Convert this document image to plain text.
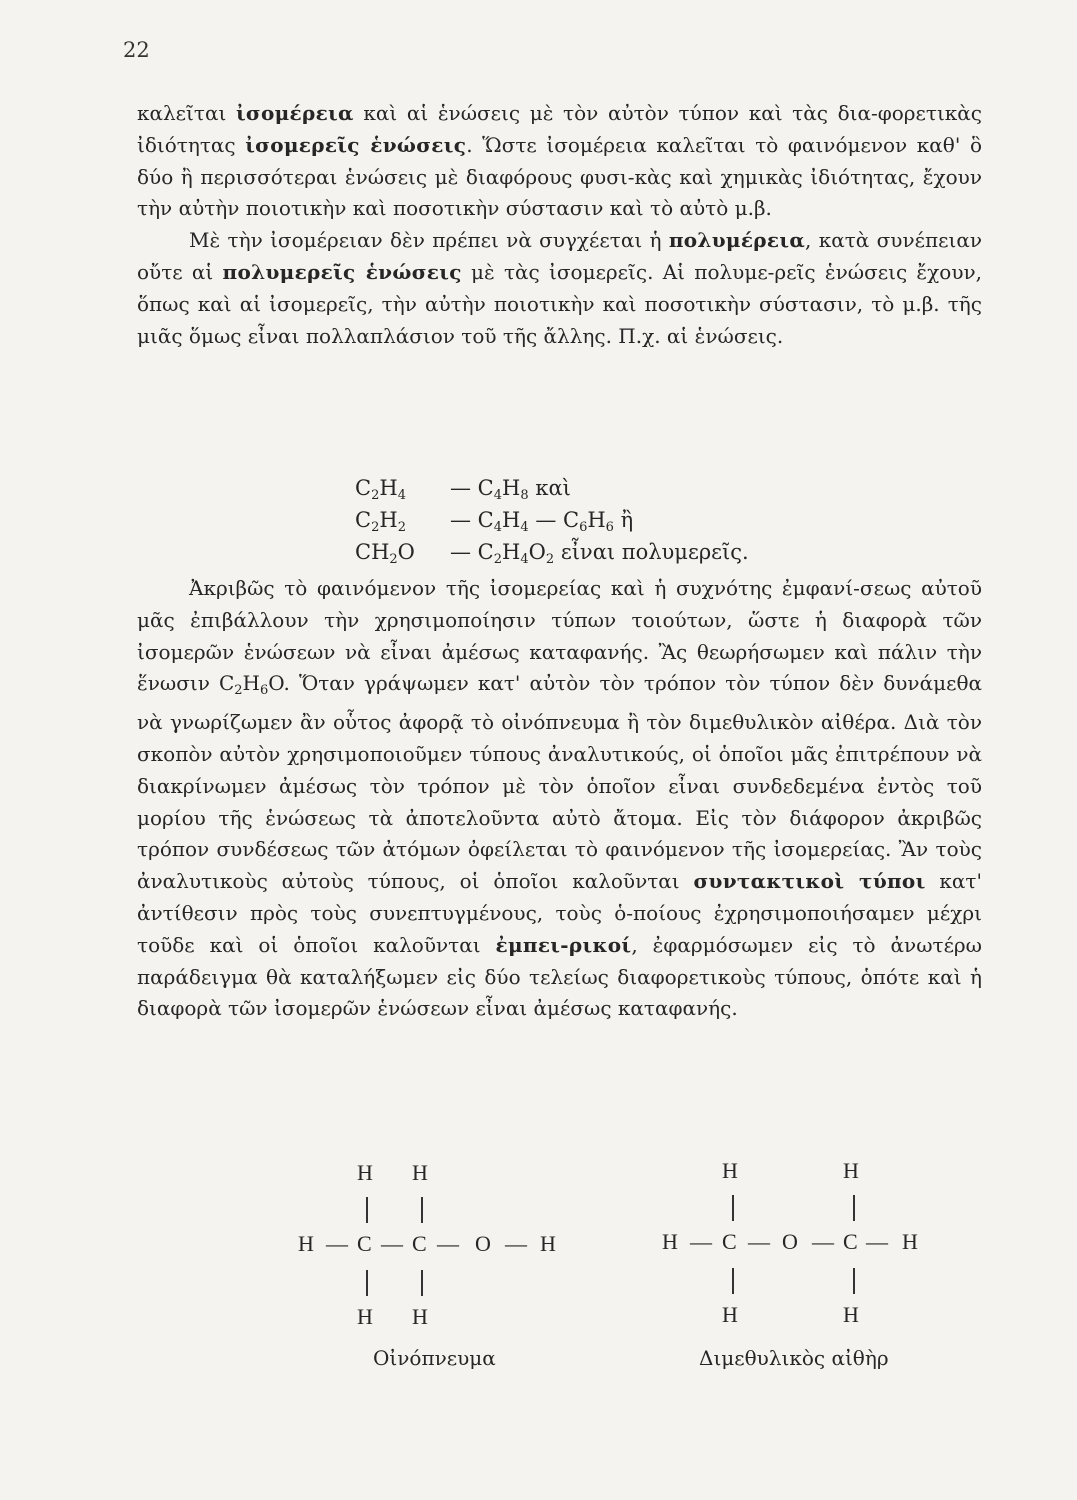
22

καλεῖται ἰσομέρεια καὶ αἱ ἑνώσεις μὲ τὸν αὐτὸν τύπον καὶ τὰς δια-φορετικὰς ἰδιότητας ἰσομερεῖς ἑνώσεις. Ὥστε ἰσομέρεια καλεῖται τὸ φαινόμενον καθ' ὃ δύο ἢ περισσότεραι ἑνώσεις μὲ διαφόρους φυσι-κὰς καὶ χημικὰς ἰδιότητας, ἔχουν τὴν αὐτὴν ποιοτικὴν καὶ ποσοτικὴν σύστασιν καὶ τὸ αὐτὸ μ.β.

Μὲ τὴν ἰσομέρειαν δὲν πρέπει νὰ συγχέεται ἡ πολυμέρεια, κατὰ συνέπειαν οὔτε αἱ πολυμερεῖς ἑνώσεις μὲ τὰς ἰσομερεῖς. Αἱ πολυμε-ρεῖς ἑνώσεις ἔχουν, ὅπως καὶ αἱ ἰσομερεῖς, τὴν αὐτὴν ποιοτικὴν καὶ ποσοτικὴν σύστασιν, τὸ μ.β. τῆς μιᾶς ὅμως εἶναι πολλαπλάσιον τοῦ τῆς ἄλλης. Π.χ. αἱ ἑνώσεις.

$C_2H_4$ — $C_4H_8$ καὶ
$C_2H_2$ — $C_4H_4$ — $C_6H_6$ ἢ
$CH_2O$ — $C_2H_4O_2$ εἶναι πολυμερεῖς.

Ἀκριβῶς τὸ φαινόμενον τῆς ἰσομερείας καὶ ἡ συχνότης ἐμφανί-σεως αὐτοῦ μᾶς ἐπιβάλλουν τὴν χρησιμοποίησιν τύπων τοιούτων, ὥστε ἡ διαφορὰ τῶν ἰσομερῶν ἑνώσεων νὰ εἶναι ἀμέσως καταφανής. Ἂς θεωρήσωμεν καὶ πάλιν τὴν ἕνωσιν $C_2H_6O$. Ὅταν γράψωμεν κατ' αὐτὸν τὸν τρόπον τὸν τύπον δὲν δυνάμεθα νὰ γνωρίζωμεν ἂν οὗτος ἀφορᾷ τὸ οἰνόπνευμα ἢ τὸν διμεθυλικὸν αἰθέρα. Διὰ τὸν σκοπὸν αὐτὸν χρησιμοποιοῦμεν τύπους ἀναλυτικούς, οἱ ὁποῖοι μᾶς ἐπιτρέπουν νὰ διακρίνωμεν ἀμέσως τὸν τρόπον μὲ τὸν ὁποῖον εἶναι συνδεδεμένα ἐντὸς τοῦ μορίου τῆς ἑνώσεως τὰ ἀποτελοῦντα αὐτὸ ἄτομα. Εἰς τὸν διάφορον ἀκριβῶς τρόπον συνδέσεως τῶν ἀτόμων ὀφείλεται τὸ φαινόμενον τῆς ἰσομερείας. Ἂν τοὺς ἀναλυτικοὺς αὐτοὺς τύπους, οἱ ὁποῖοι καλοῦνται συντακτικοὶ τύποι κατ' ἀντίθεσιν πρὸς τοὺς συνεπτυγμένους, τοὺς ὁ-ποίους ἐχρησιμοποιήσαμεν μέχρι τοῦδε καὶ οἱ ὁποῖοι καλοῦνται ἐμπει-ρικοί, ἐφαρμόσωμεν εἰς τὸ ἀνωτέρω παράδειγμα θὰ καταλήξωμεν εἰς δύο τελείως διαφορετικοὺς τύπους, ὁπότε καὶ ἡ διαφορὰ τῶν ἰσομερῶν ἑνώσεων εἶναι ἀμέσως καταφανής.

H H
H — C — C — O — H
H H
Οἰνόπνευμα
H	H
H — C — O — C — H
H	H
Διμεθυλικὸς αἰθὴρ
